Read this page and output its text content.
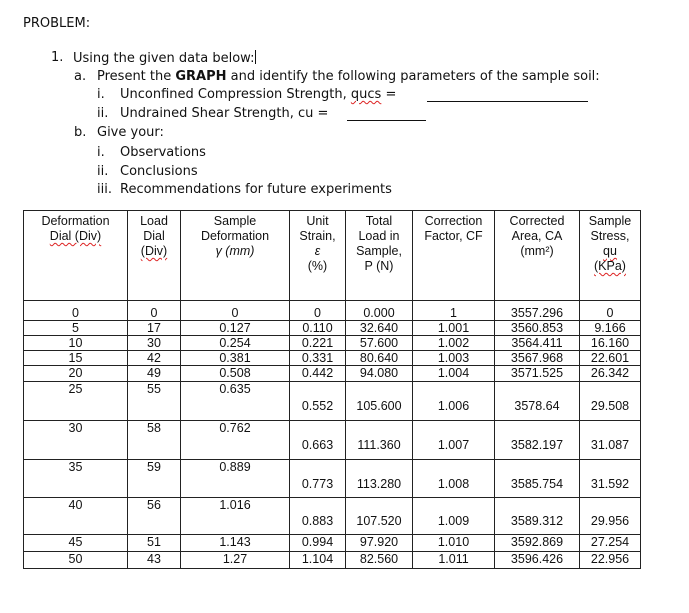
PROBLEM:
1. Using the given data below:
a. Present the GRAPH and identify the following parameters of the sample soil:
i. Unconfined Compression Strength, qucs =
ii. Undrained Shear Strength, cu =
b. Give your:
i. Observations
ii. Conclusions
iii. Recommendations for future experiments
Deformation
Dial (Div)	Load
Dial
(Div)	Sample
Deformation
γ (mm)	Unit
Strain,
ε
(%)	Total
Load in
Sample,
P (N)	Correction
Factor, CF	Corrected
Area, CA
(mm²)	Sample
Stress,
qu
(KPa)

0	0	0	0	0.000	1	3557.296	0
5	17	0.127	0.110	32.640	1.001	3560.853	9.166
10	30	0.254	0.221	57.600	1.002	3564.411	16.160
15	42	0.381	0.331	80.640	1.003	3567.968	22.601
20	49	0.508	0.442	94.080	1.004	3571.525	26.342
25	55	0.635	0.552	105.600	1.006	3578.64	29.508
30	58	0.762	0.663	111.360	1.007	3582.197	31.087
35	59	0.889	0.773	113.280	1.008	3585.754	31.592
40	56	1.016	0.883	107.520	1.009	3589.312	29.956
45	51	1.143	0.994	97.920	1.010	3592.869	27.254
50	43	1.27	1.104	82.560	1.011	3596.426	22.956
